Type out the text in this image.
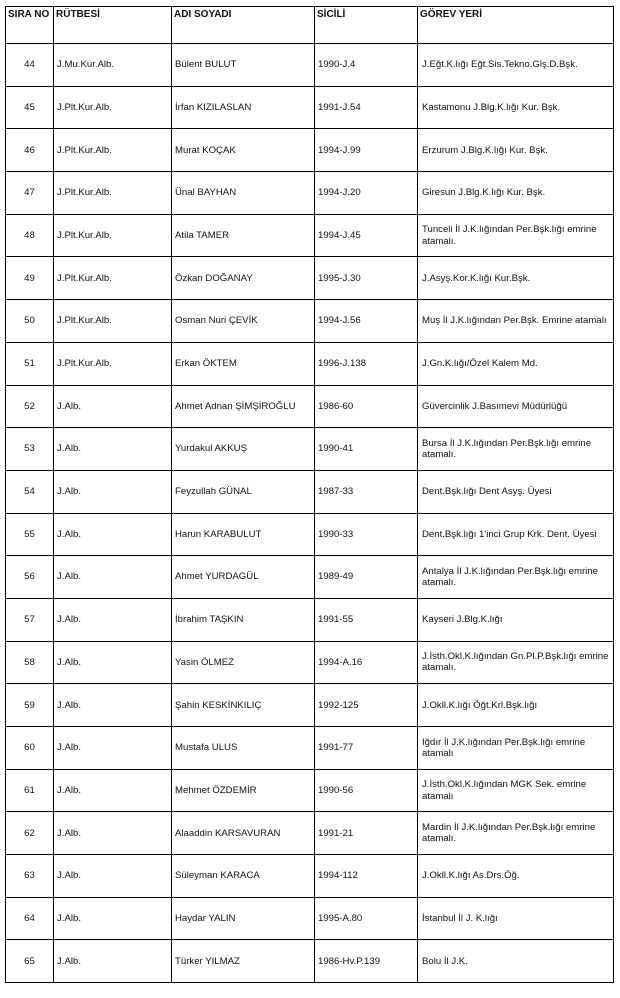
SIRA NO	RÜTBESİ	ADI SOYADI	SİCİLİ	GÖREV YERİ
44	J.Mu.Kur.Alb.	Bülent BULUT	1990-J.4	J.Eğt.K.lığı Eğt.Sis.Tekno.Glş.D.Bşk.
45	J.Plt.Kur.Alb.	İrfan KIZILASLAN	1991-J.54	Kastamonu J.Blg.K.lığı Kur. Bşk.
46	J.Plt.Kur.Alb.	Murat KOÇAK	1994-J.99	Erzurum J.Blg.K.lığı Kur. Bşk.
47	J.Plt.Kur.Alb.	Ünal BAYHAN	1994-J.20	Giresun J.Blg.K.lığı Kur. Bşk.
48	J.Plt.Kur.Alb.	Atila TAMER	1994-J.45	Tunceli İl J.K.lığından Per.Bşk.lığı emrine atamalı.
49	J.Plt.Kur.Alb.	Özkan DOĞANAY	1995-J.30	J.Asyş.Kor.K.lığı Kur.Bşk.
50	J.Plt.Kur.Alb.	Osman Nuri ÇEVİK	1994-J.56	Muş İl J.K.lığından Per.Bşk. Emrine atamalı
51	J.Plt.Kur.Alb.	Erkan ÖKTEM	1996-J.138	J.Gn.K.lığı/Özel Kalem Md.
52	J.Alb.	Ahmet Adnan ŞİMŞİROĞLU	1986-60	Güvercinlik J.Basımevi Müdürlüğü
53	J.Alb.	Yurdakul AKKUŞ	1990-41	Bursa İl J.K.lığından Per.Bşk.lığı emrine atamalı.
54	J.Alb.	Feyzullah GÜNAL	1987-33	Dent.Bşk.lığı Dent Asyş. Üyesi
55	J.Alb.	Harun KARABULUT	1990-33	Dent.Bşk.lığı 1'inci Grup Krk. Dent. Üyesi
56	J.Alb.	Ahmet YURDAGÜL	1989-49	Antalya İl J.K.lığından Per.Bşk.lığı emrine atamalı.
57	J.Alb.	İbrahim TAŞKIN	1991-55	Kayseri J.Blg.K.lığı
58	J.Alb.	Yasin ÖLMEZ	1994-A.16	J.İsth.Okl.K.lığından Gn.Pl.P.Bşk.lığı emrine atamalı.
59	J.Alb.	Şahin KESKİNKILIÇ	1992-125	J.Okll.K.lığı Öğt.Krl.Bşk.lığı
60	J.Alb.	Mustafa ULUS	1991-77	Iğdır İl J.K.lığından Per.Bşk.lığı emrine atamalı
61	J.Alb.	Mehmet ÖZDEMİR	1990-56	J.İsth.Okl.K.lığından MGK Sek. emrine atamalı
62	J.Alb.	Alaaddin KARSAVURAN	1991-21	Mardin İl J.K.lığından Per.Bşk.lığı emrine atamalı.
63	J.Alb.	Süleyman KARACA	1994-112	J.Okll.K.lığı As.Drs.Öğ.
64	J.Alb.	Haydar YALIN	1995-A.80	İstanbul İl J. K.lığı
65	J.Alb.	Türker YILMAZ	1986-Hv.P.139	Bolu İl J.K.
